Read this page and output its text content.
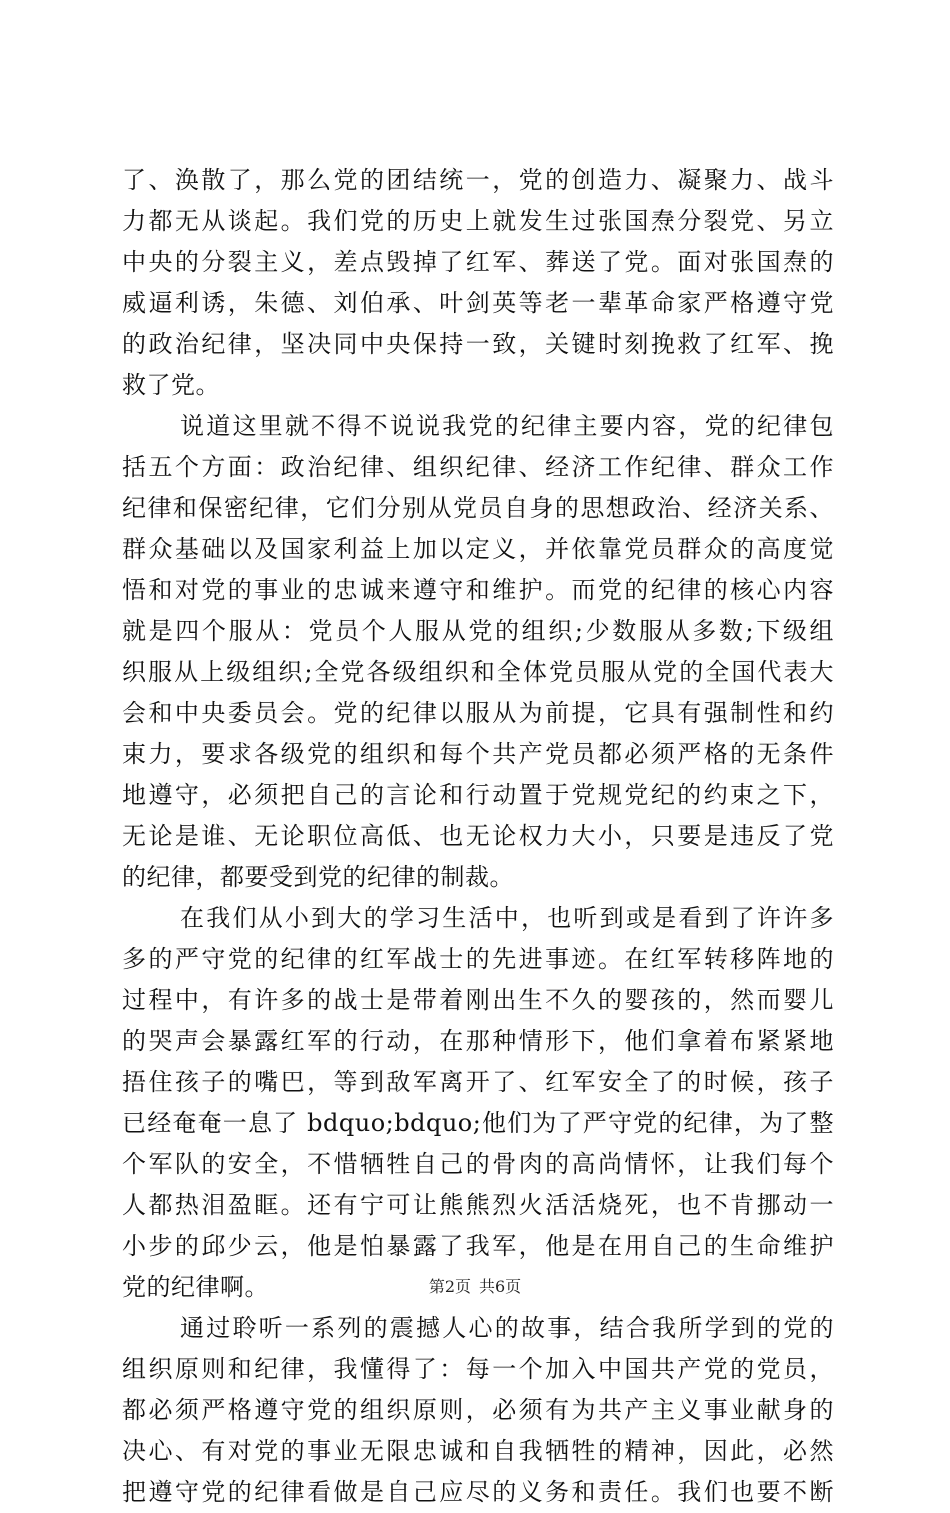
了、涣散了，那么党的团结统一，党的创造力、凝聚力、战斗
力都无从谈起。我们党的历史上就发生过张国焘分裂党、另立
中央的分裂主义，差点毁掉了红军、葬送了党。面对张国焘的
威逼利诱，朱德、刘伯承、叶剑英等老一辈革命家严格遵守党
的政治纪律，坚决同中央保持一致，关键时刻挽救了红军、挽
救了党。
说道这里就不得不说说我党的纪律主要内容，党的纪律包
括五个方面：政治纪律、组织纪律、经济工作纪律、群众工作
纪律和保密纪律，它们分别从党员自身的思想政治、经济关系、
群众基础以及国家利益上加以定义，并依靠党员群众的高度觉
悟和对党的事业的忠诚来遵守和维护。而党的纪律的核心内容
就是四个服从：党员个人服从党的组织;少数服从多数;下级组
织服从上级组织;全党各级组织和全体党员服从党的全国代表大
会和中央委员会。党的纪律以服从为前提，它具有强制性和约
束力，要求各级党的组织和每个共产党员都必须严格的无条件
地遵守，必须把自己的言论和行动置于党规党纪的约束之下，
无论是谁、无论职位高低、也无论权力大小，只要是违反了党
的纪律，都要受到党的纪律的制裁。
在我们从小到大的学习生活中，也听到或是看到了许许多
多的严守党的纪律的红军战士的先进事迹。在红军转移阵地的
过程中，有许多的战士是带着刚出生不久的婴孩的，然而婴儿
的哭声会暴露红军的行动，在那种情形下，他们拿着布紧紧地
捂住孩子的嘴巴，等到敌军离开了、红军安全了的时候，孩子
已经奄奄一息了 bdquo;bdquo;他们为了严守党的纪律，为了整
个军队的安全，不惜牺牲自己的骨肉的高尚情怀，让我们每个
人都热泪盈眶。还有宁可让熊熊烈火活活烧死，也不肯挪动一
小步的邱少云，他是怕暴露了我军，他是在用自己的生命维护
党的纪律啊。
通过聆听一系列的震撼人心的故事，结合我所学到的党的
组织原则和纪律，我懂得了：每一个加入中国共产党的党员，
都必须严格遵守党的组织原则，必须有为共产主义事业献身的
决心、有对党的事业无限忠诚和自我牺牲的精神，因此，必然
把遵守党的纪律看做是自己应尽的义务和责任。我们也要不断
第2页 共6页
